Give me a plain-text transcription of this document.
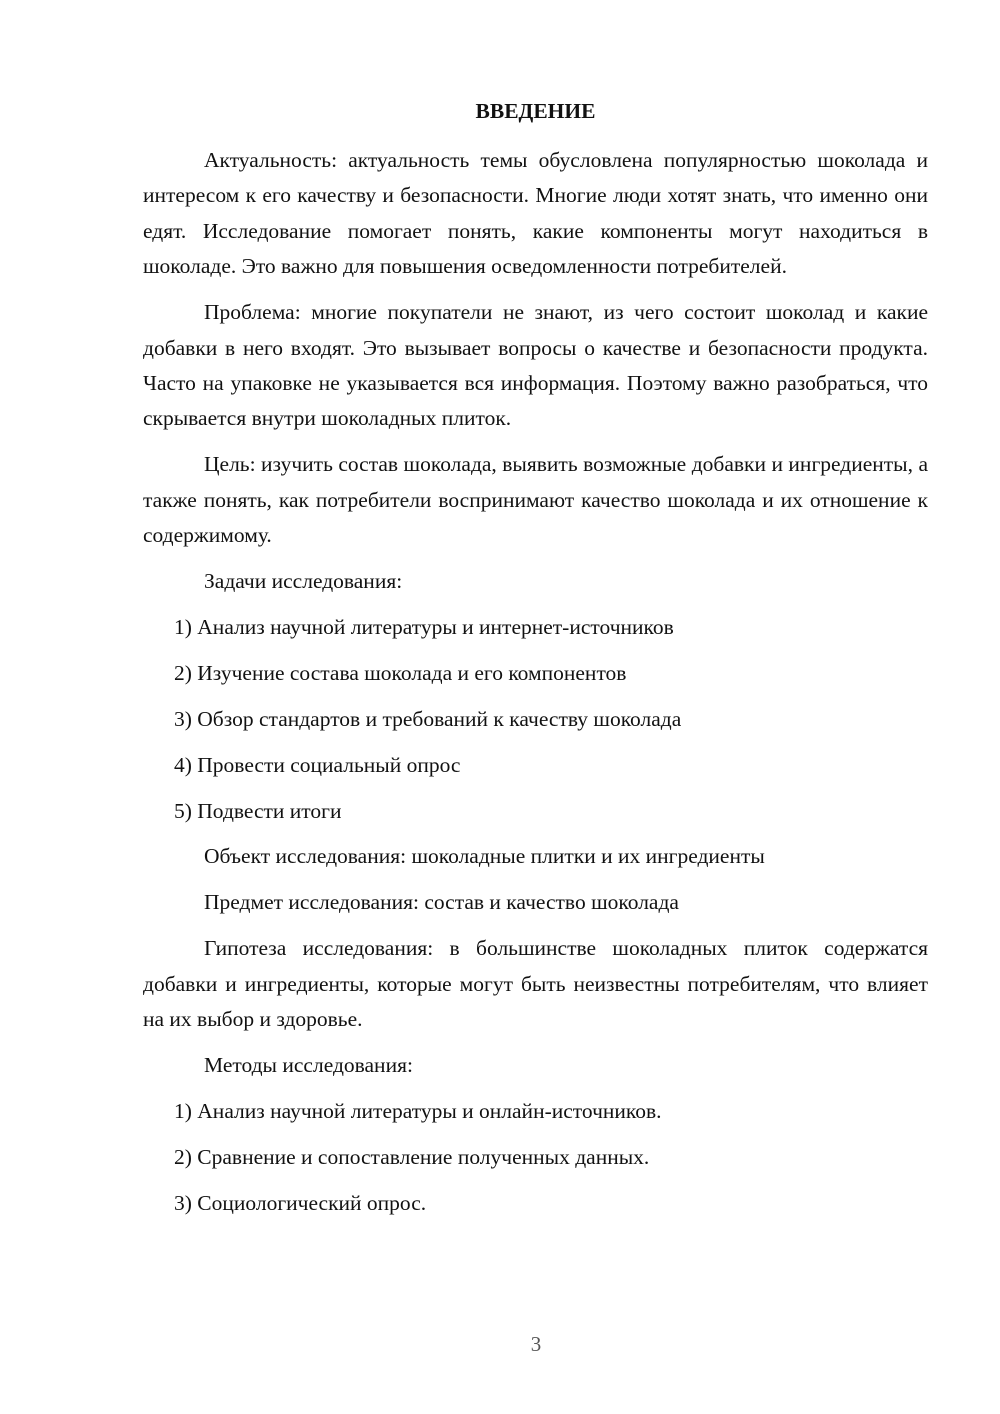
ВВЕДЕНИЕ

Актуальность: актуальность темы обусловлена популярностью шоколада и интересом к его качеству и безопасности. Многие люди хотят знать, что именно они едят. Исследование помогает понять, какие компоненты могут находиться в шоколаде. Это важно для повышения осведомленности потребителей.

Проблема: многие покупатели не знают, из чего состоит шоколад и какие добавки в него входят. Это вызывает вопросы о качестве и безопасности продукта. Часто на упаковке не указывается вся информация. Поэтому важно разобраться, что скрывается внутри шоколадных плиток.

Цель: изучить состав шоколада, выявить возможные добавки и ингредиенты, а также понять, как потребители воспринимают качество шоколада и их отношение к содержимому.

Задачи исследования:
1) Анализ научной литературы и интернет-источников
2) Изучение состава шоколада и его компонентов
3) Обзор стандартов и требований к качеству шоколада
4) Провести социальный опрос
5) Подвести итоги
Объект исследования: шоколадные плитки и их ингредиенты
Предмет исследования: состав и качество шоколада

Гипотеза исследования: в большинстве шоколадных плиток содержатся добавки и ингредиенты, которые могут быть неизвестны потребителям, что влияет на их выбор и здоровье.

Методы исследования:
1) Анализ научной литературы и онлайн-источников.
2) Сравнение и сопоставление полученных данных.
3) Социологический опрос.
3
